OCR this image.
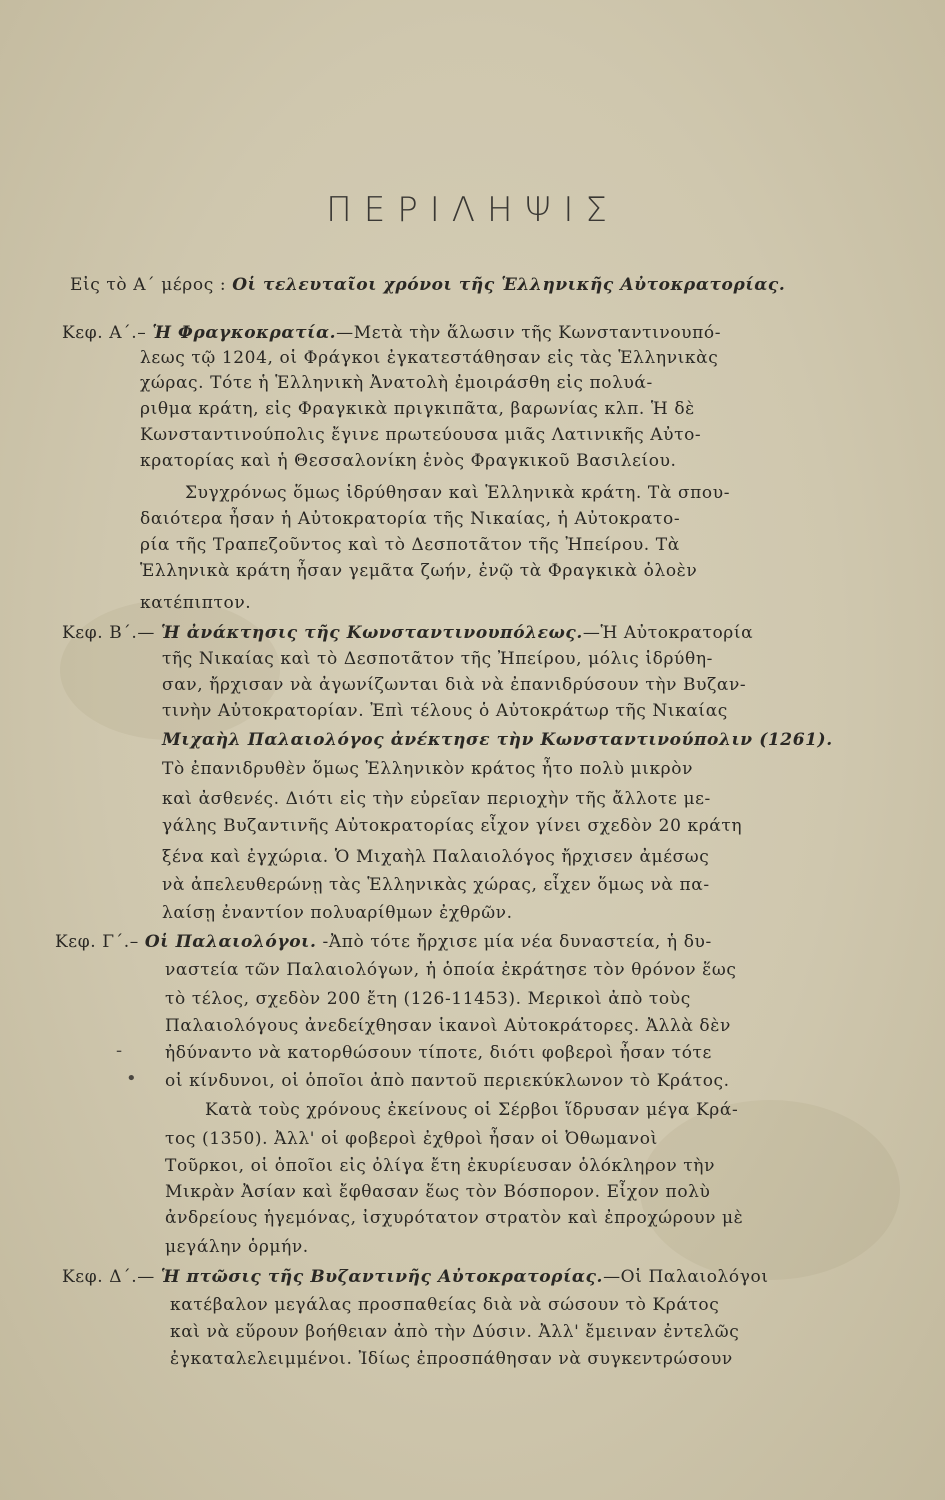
ΠΕΡΙΛΗΨΙΣ
Εἰς τὸ Α΄ μέρος : Οἱ τελευταῖοι χρόνοι τῆς Ἑλληνικῆς Αὐτοκρατορίας.
Κεφ. Α΄.– Ἡ Φραγκοκρατία.—Μετὰ τὴν ἅλωσιν τῆς Κωνσταντινουπό-
λεως τῷ 1204, οἱ Φράγκοι ἐγκατεστάθησαν εἰς τὰς Ἑλληνικὰς
χώρας. Τότε ἡ Ἑλληνικὴ Ἀνατολὴ ἐμοιράσθη εἰς πολυά-
ριθμα κράτη, εἰς Φραγκικὰ πριγκιπᾶτα, βαρωνίας κλπ. Ἡ δὲ
Κωνσταντινούπολις ἔγινε πρωτεύουσα μιᾶς Λατινικῆς Αὐτο-
κρατορίας καὶ ἡ Θεσσαλονίκη ἑνὸς Φραγκικοῦ Βασιλείου.
Συγχρόνως ὅμως ἱδρύθησαν καὶ Ἑλληνικὰ κράτη. Τὰ σπου-
δαιότερα ἦσαν ἡ Αὐτοκρατορία τῆς Νικαίας, ἡ Αὐτοκρατο-
ρία τῆς Τραπεζοῦντος καὶ τὸ Δεσποτᾶτον τῆς Ἠπείρου. Τὰ
Ἑλληνικὰ κράτη ἦσαν γεμᾶτα ζωήν, ἐνῷ τὰ Φραγκικὰ ὁλοὲν
κατέπιπτον.
Κεφ. Β΄.— Ἡ ἀνάκτησις τῆς Κωνσταντινουπόλεως.—Ἡ Αὐτοκρατορία
τῆς Νικαίας καὶ τὸ Δεσποτᾶτον τῆς Ἠπείρου, μόλις ἱδρύθη-
σαν, ἤρχισαν νὰ ἀγωνίζωνται διὰ νὰ ἐπανιδρύσουν τὴν Βυζαν-
τινὴν Αὐτοκρατορίαν. Ἐπὶ τέλους ὁ Αὐτοκράτωρ τῆς Νικαίας
Μιχαὴλ Παλαιολόγος ἀνέκτησε τὴν Κωνσταντινούπολιν (1261).
Τὸ ἐπανιδρυθὲν ὅμως Ἑλληνικὸν κράτος ἦτο πολὺ μικρὸν
καὶ ἀσθενές. Διότι εἰς τὴν εὐρεῖαν περιοχὴν τῆς ἄλλοτε με-
γάλης Βυζαντινῆς Αὐτοκρατορίας εἶχον γίνει σχεδὸν 20 κράτη
ξένα καὶ ἐγχώρια. Ὁ Μιχαὴλ Παλαιολόγος ἤρχισεν ἀμέσως
νὰ ἀπελευθερώνῃ τὰς Ἑλληνικὰς χώρας, εἶχεν ὅμως νὰ πα-
λαίσῃ ἐναντίον πολυαρίθμων ἐχθρῶν.
Κεφ. Γ΄.– Οἱ Παλαιολόγοι. -Ἀπὸ τότε ἤρχισε μία νέα δυναστεία, ἡ δυ-
ναστεία τῶν Παλαιολόγων, ἡ ὁποία ἐκράτησε τὸν θρόνον ἕως
τὸ τέλος, σχεδὸν 200 ἔτη (126-11453). Μερικοὶ ἀπὸ τοὺς
Παλαιολόγους ἀνεδείχθησαν ἱκανοὶ Αὐτοκράτορες. Ἀλλὰ δὲν
-	ἠδύναντο νὰ κατορθώσουν τίποτε, διότι φοβεροὶ ἦσαν τότε
• οἱ κίνδυνοι, οἱ ὁποῖοι ἀπὸ παντοῦ περιεκύκλωνον τὸ Κράτος.
Κατὰ τοὺς χρόνους ἐκείνους οἱ Σέρβοι ἵδρυσαν μέγα Κρά-
τος (1350). Ἀλλ' οἱ φοβεροὶ ἐχθροὶ ἦσαν οἱ Ὀθωμανοὶ
Τοῦρκοι, οἱ ὁποῖοι εἰς ὀλίγα ἔτη ἐκυρίευσαν ὁλόκληρον τὴν
Μικρὰν Ἀσίαν καὶ ἔφθασαν ἕως τὸν Βόσπορον. Εἶχον πολὺ
ἀνδρείους ἡγεμόνας, ἰσχυρότατον στρατὸν καὶ ἐπροχώρουν μὲ
μεγάλην ὁρμήν.
Κεφ. Δ΄.— Ἡ πτῶσις τῆς Βυζαντινῆς Αὐτοκρατορίας.—Οἱ Παλαιολόγοι
κατέβαλον μεγάλας προσπαθείας διὰ νὰ σώσουν τὸ Κράτος
καὶ νὰ εὕρουν βοήθειαν ἀπὸ τὴν Δύσιν. Ἀλλ' ἔμειναν ἐντελῶς
ἐγκαταλελειμμένοι. Ἰδίως ἐπροσπάθησαν νὰ συγκεντρώσουν
